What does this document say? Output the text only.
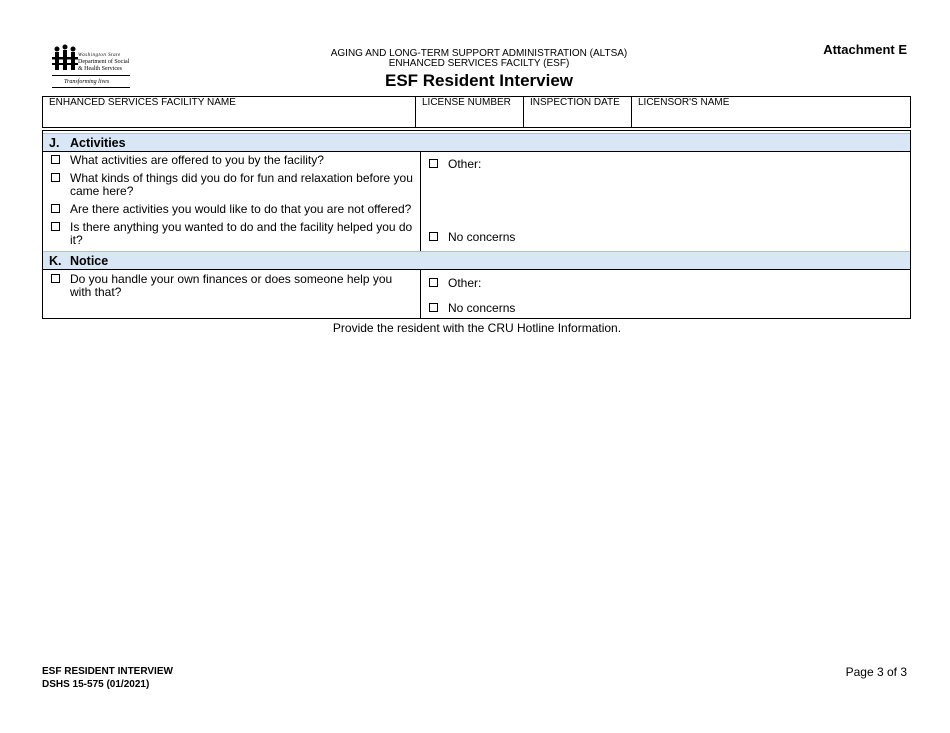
Washington State
Department of Social
& Health Services
Transforming lives
AGING AND LONG-TERM SUPPORT ADMINISTRATION (ALTSA)
ENHANCED SERVICES FACILTY (ESF)
ESF Resident Interview
Attachment E
ENHANCED SERVICES FACILITY NAME	LICENSE NUMBER	INSPECTION DATE	LICENSOR'S NAME
J. Activities
What activities are offered to you by the facility?
What kinds of things did you do for fun and relaxation before you came here?
Are there activities you would like to do that you are not offered?
Is there anything you wanted to do and the facility helped you do it?
Other:
No concerns
K. Notice
Do you handle your own finances or does someone help you with that?
Other:
No concerns
Provide the resident with the CRU Hotline Information.
ESF RESIDENT INTERVIEW
DSHS 15-575 (01/2021)
Page 3 of 3
